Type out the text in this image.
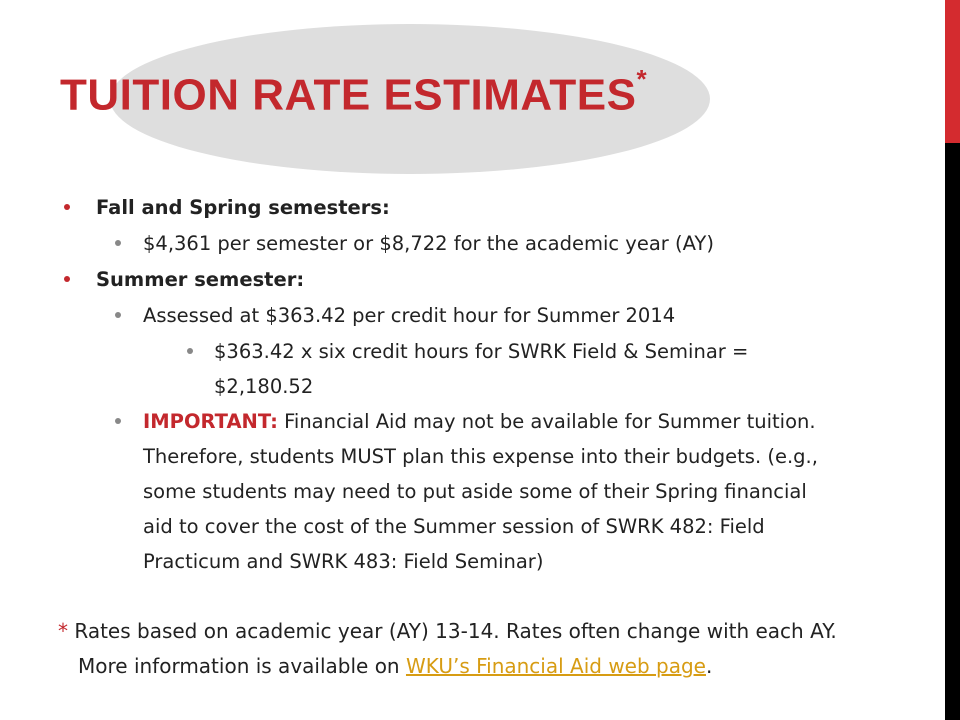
TUITION RATE ESTIMATES*
Fall and Spring semesters:
$4,361 per semester or $8,722 for the academic year (AY)
Summer semester:
Assessed at $363.42 per credit hour for Summer 2014
$363.42 x six credit hours for SWRK Field & Seminar =
$2,180.52
IMPORTANT: Financial Aid may not be available for Summer tuition.
Therefore, students MUST plan this expense into their budgets. (e.g.,
some students may need to put aside some of their Spring financial
aid to cover the cost of the Summer session of SWRK 482: Field
Practicum and SWRK 483: Field Seminar)
* Rates based on academic year (AY) 13-14. Rates often change with each AY.
More information is available on WKU’s Financial Aid web page.
